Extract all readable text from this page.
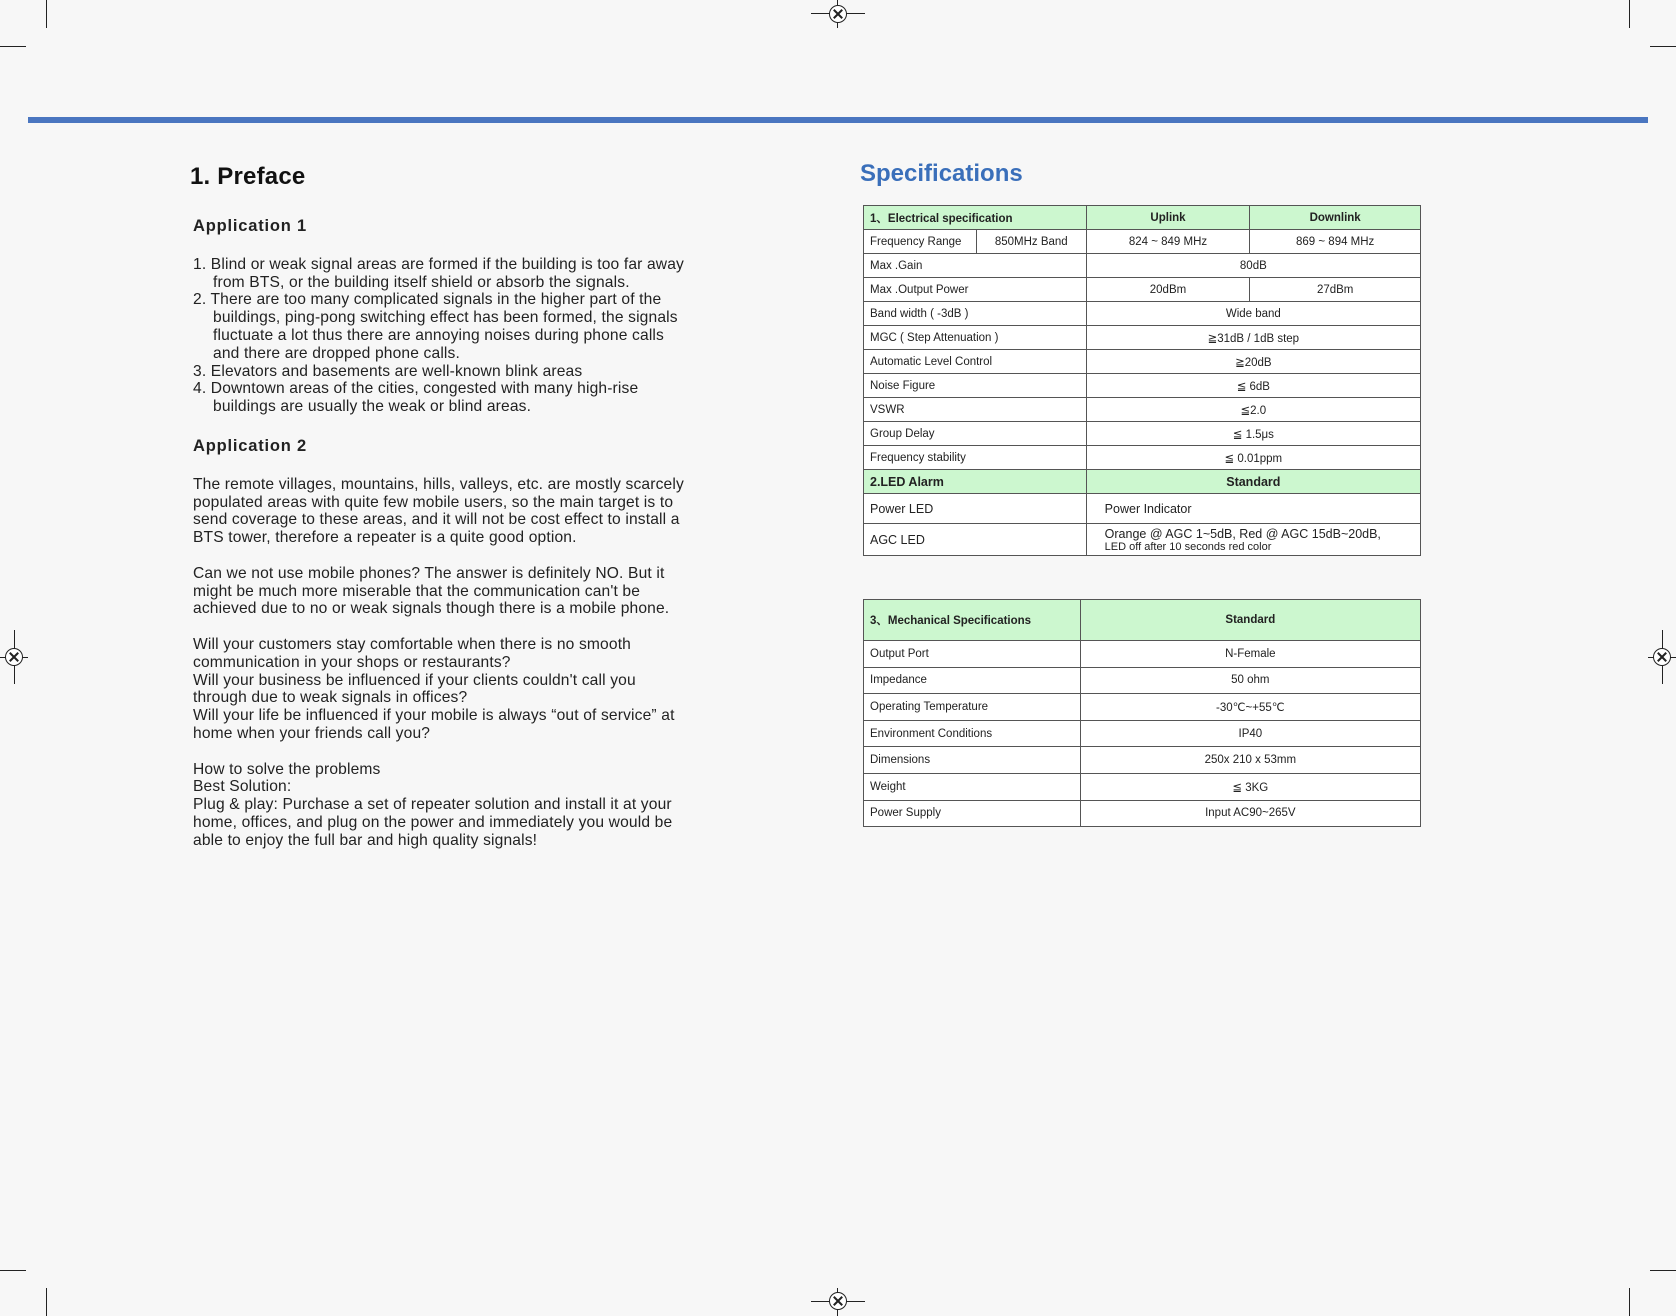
1. Preface

Application 1

1. Blind or weak signal areas are formed if the building is too far away from BTS, or the building itself shield or absorb the signals.
2. There are too many complicated signals in the higher part of the buildings, ping-pong switching effect has been formed, the signals fluctuate a lot thus there are annoying noises during phone calls and there are dropped phone calls.
3. Elevators and basements are well-known blink areas
4. Downtown areas of the cities, congested with many high-rise buildings are usually the weak or blind areas.

Application 2

The remote villages, mountains, hills, valleys, etc. are mostly scarcely populated areas with quite few mobile users, so the main target is to send coverage to these areas, and it will not be cost effect to install a BTS tower, therefore a repeater is a quite good option.
Can we not use mobile phones? The answer is definitely NO. But it might be much more miserable that the communication can't be achieved due to no or weak signals though there is a mobile phone.
Will your customers stay comfortable when there is no smooth communication in your shops or restaurants?
Will your business be influenced if your clients couldn't call you through due to weak signals in offices?
Will your life be influenced if your mobile is always “out of service” at home when your friends call you?
How to solve the problems
Best Solution:
Plug & play: Purchase a set of repeater solution and install it at your home, offices, and plug on the power and immediately you would be able to enjoy the full bar and high quality signals!
Specifications
1、Electrical specification		Uplink	Downlink
Frequency Range	850MHz Band	824 ~ 849 MHz	869 ~ 894 MHz
Max .Gain		80dB	
Max .Output Power		20dBm	27dBm
Band width ( -3dB )		Wide band	
MGC ( Step Attenuation )		≧31dB / 1dB step	
Automatic Level Control		≧20dB	
Noise Figure		≦ 6dB	
VSWR		≦2.0	
Group Delay		≦ 1.5μs	
Frequency stability		≦ 0.01ppm	
2.LED Alarm		Standard	
Power LED		Power Indicator	
AGC LED		Orange @ AGC 1~5dB, Red @ AGC 15dB~20dB,
LED off after 10 seconds red color	
3、Mechanical Specifications	Standard
Output Port	N-Female
Impedance	50 ohm
Operating Temperature	-30℃~+55℃
Environment Conditions	IP40
Dimensions	250x 210 x 53mm
Weight	≦ 3KG
Power Supply	Input AC90~265V
